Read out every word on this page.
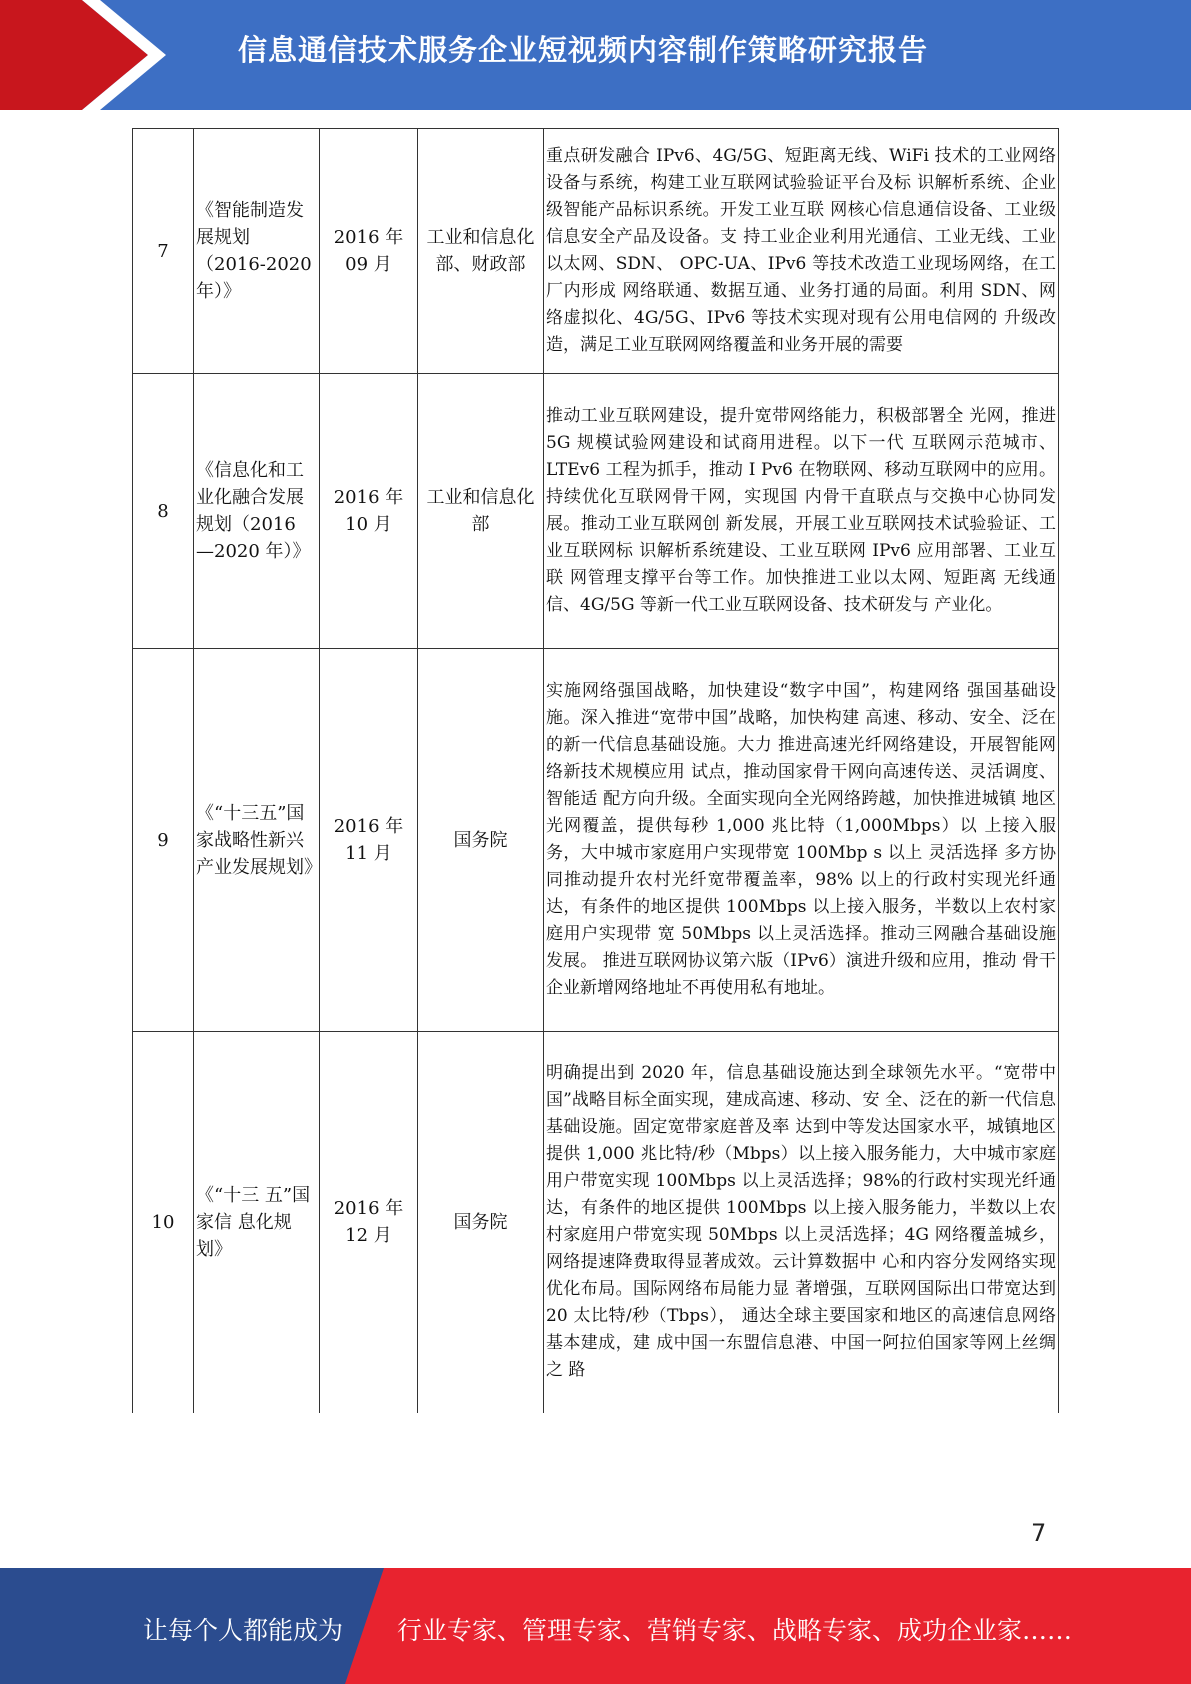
信息通信技术服务企业短视频内容制作策略研究报告
7	《智能制造发展规划（2016-2020 年）》	2016 年 09 月	工业和信息化部、财政部	重点研发融合 IPv6、4G/5G、短距离无线、WiFi 技术的工业网络设备与系统，构建工业互联网试验验证平台及标 识解析系统、企业级智能产品标识系统。开发工业互联 网核心信息通信设备、工业级信息安全产品及设备。支 持工业企业利用光通信、工业无线、工业以太网、SDN、 OPC-UA、IPv6 等技术改造工业现场网络，在工厂内形成 网络联通、数据互通、业务打通的局面。利用 SDN、网 络虚拟化、4G/5G、IPv6 等技术实现对现有公用电信网的 升级改造，满足工业互联网网络覆盖和业务开展的需要
8	《信息化和工业化融合发展规划（2016 —2020 年）》	2016 年 10 月	工业和信息化部	推动工业互联网建设，提升宽带网络能力，积极部署全 光网，推进 5G 规模试验网建设和试商用进程。以下一代 互联网示范城市、LTEv6 工程为抓手，推动 I Pv6 在物联网、移动互联网中的应用。持续优化互联网骨干网，实现国 内骨干直联点与交换中心协同发展。推动工业互联网创 新发展，开展工业互联网技术试验验证、工业互联网标 识解析系统建设、工业互联网 IPv6 应用部署、工业互联 网管理支撑平台等工作。加快推进工业以太网、短距离 无线通信、4G/5G 等新一代工业互联网设备、技术研发与 产业化。
9	《“十三五”国家战略性新兴产业发展规划》	2016 年 11 月	国务院	实施网络强国战略，加快建设“数字中国”，构建网络 强国基础设施。深入推进“宽带中国”战略，加快构建 高速、移动、安全、泛在的新一代信息基础设施。大力 推进高速光纤网络建设，开展智能网络新技术规模应用 试点，推动国家骨干网向高速传送、灵活调度、智能适 配方向升级。全面实现向全光网络跨越，加快推进城镇 地区光网覆盖，提供每秒 1,000 兆比特（1,000Mbps）以 上接入服务，大中城市家庭用户实现带宽 100Mbp s 以上 灵活选择 多方协同推动提升农村光纤宽带覆盖率，98% 以上的行政村实现光纤通达，有条件的地区提供 100Mbps 以上接入服务，半数以上农村家庭用户实现带 宽 50Mbps 以上灵活选择。推动三网融合基础设施发展。 推进互联网协议第六版（IPv6）演进升级和应用，推动 骨干企业新增网络地址不再使用私有地址。
10	《“十三 五”国家信 息化规划》	2016 年 12 月	国务院	明确提出到 2020 年，信息基础设施达到全球领先水平。“宽带中国”战略目标全面实现，建成高速、移动、安 全、泛在的新一代信息基础设施。固定宽带家庭普及率 达到中等发达国家水平，城镇地区提供 1,000 兆比特/秒（Mbps）以上接入服务能力，大中城市家庭用户带宽实现 100Mbps 以上灵活选择；98%的行政村实现光纤通达，有条件的地区提供 100Mbps 以上接入服务能力，半数以上农村家庭用户带宽实现 50Mbps 以上灵活选择；4G 网络覆盖城乡，网络提速降费取得显著成效。云计算数据中 心和内容分发网络实现优化布局。国际网络布局能力显 著增强，互联网国际出口带宽达到 20 太比特/秒（Tbps）， 通达全球主要国家和地区的高速信息网络基本建成，建 成中国一东盟信息港、中国一阿拉伯国家等网上丝绸之 路
7
让每个人都能成为 行业专家、管理专家、营销专家、战略专家、成功企业家……
